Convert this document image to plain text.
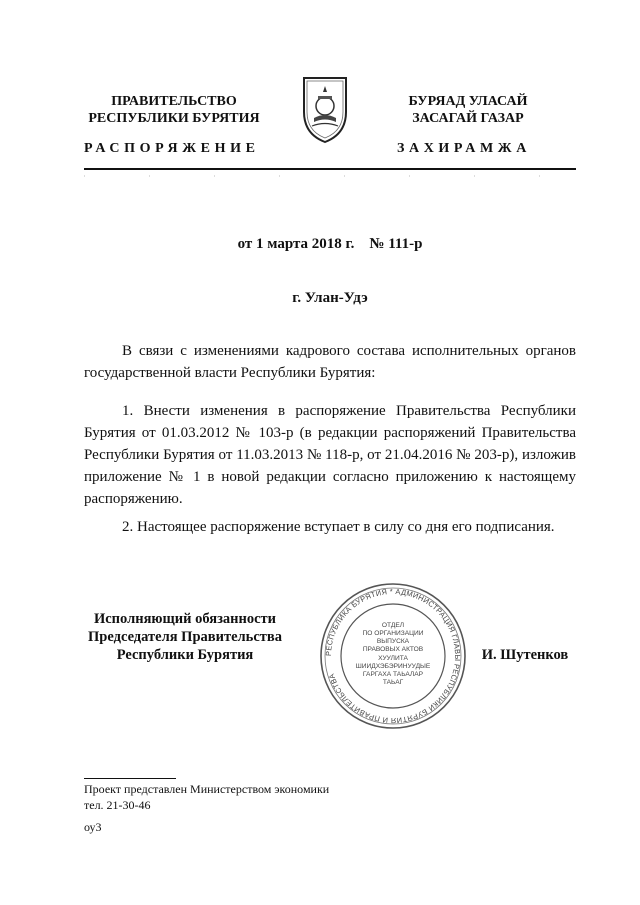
ПРАВИТЕЛЬСТВО
РЕСПУБЛИКИ БУРЯТИЯ
БУРЯАД УЛАСАЙ
ЗАСАГАЙ ГАЗАР
РАСПОРЯЖЕНИЕ	ЗАХИРАМЖА
от 1 марта 2018 г.    № 111-р
г. Улан-Удэ
В связи с изменениями кадрового состава исполнительных органов государственной власти Республики Бурятия:
1. Внести изменения в распоряжение Правительства Республики Бурятия от 01.03.2012 № 103-р (в редакции распоряжений Правительства Республики Бурятия от 11.03.2013 № 118-р, от 21.04.2016 № 203-р), изложив приложение № 1 в новой редакции согласно приложению к настоящему распоряжению.
2. Настоящее распоряжение вступает в силу со дня его подписания.
Исполняющий обязанности
Председателя Правительства
Республики Бурятия	И. Шутенков
РЕСПУБЛИКА БУРЯТИЯ * АДМИНИСТРАЦИЯ ГЛАВЫ РЕСПУБЛИКИ БУРЯТИЯ И ПРАВИТЕЛЬСТВА
ОТДЕЛ
ПО ОРГАНИЗАЦИИ
ВЫПУСКА
ПРАВОВЫХ АКТОВ
ХУУЛИТА
ШИИДХЭБЭРИНУУДЫЕ
ГАРГАХА ТАЬАЛАР
ТАЬАГ
Проект представлен Министерством экономики
тел. 21-30-46
оу3
